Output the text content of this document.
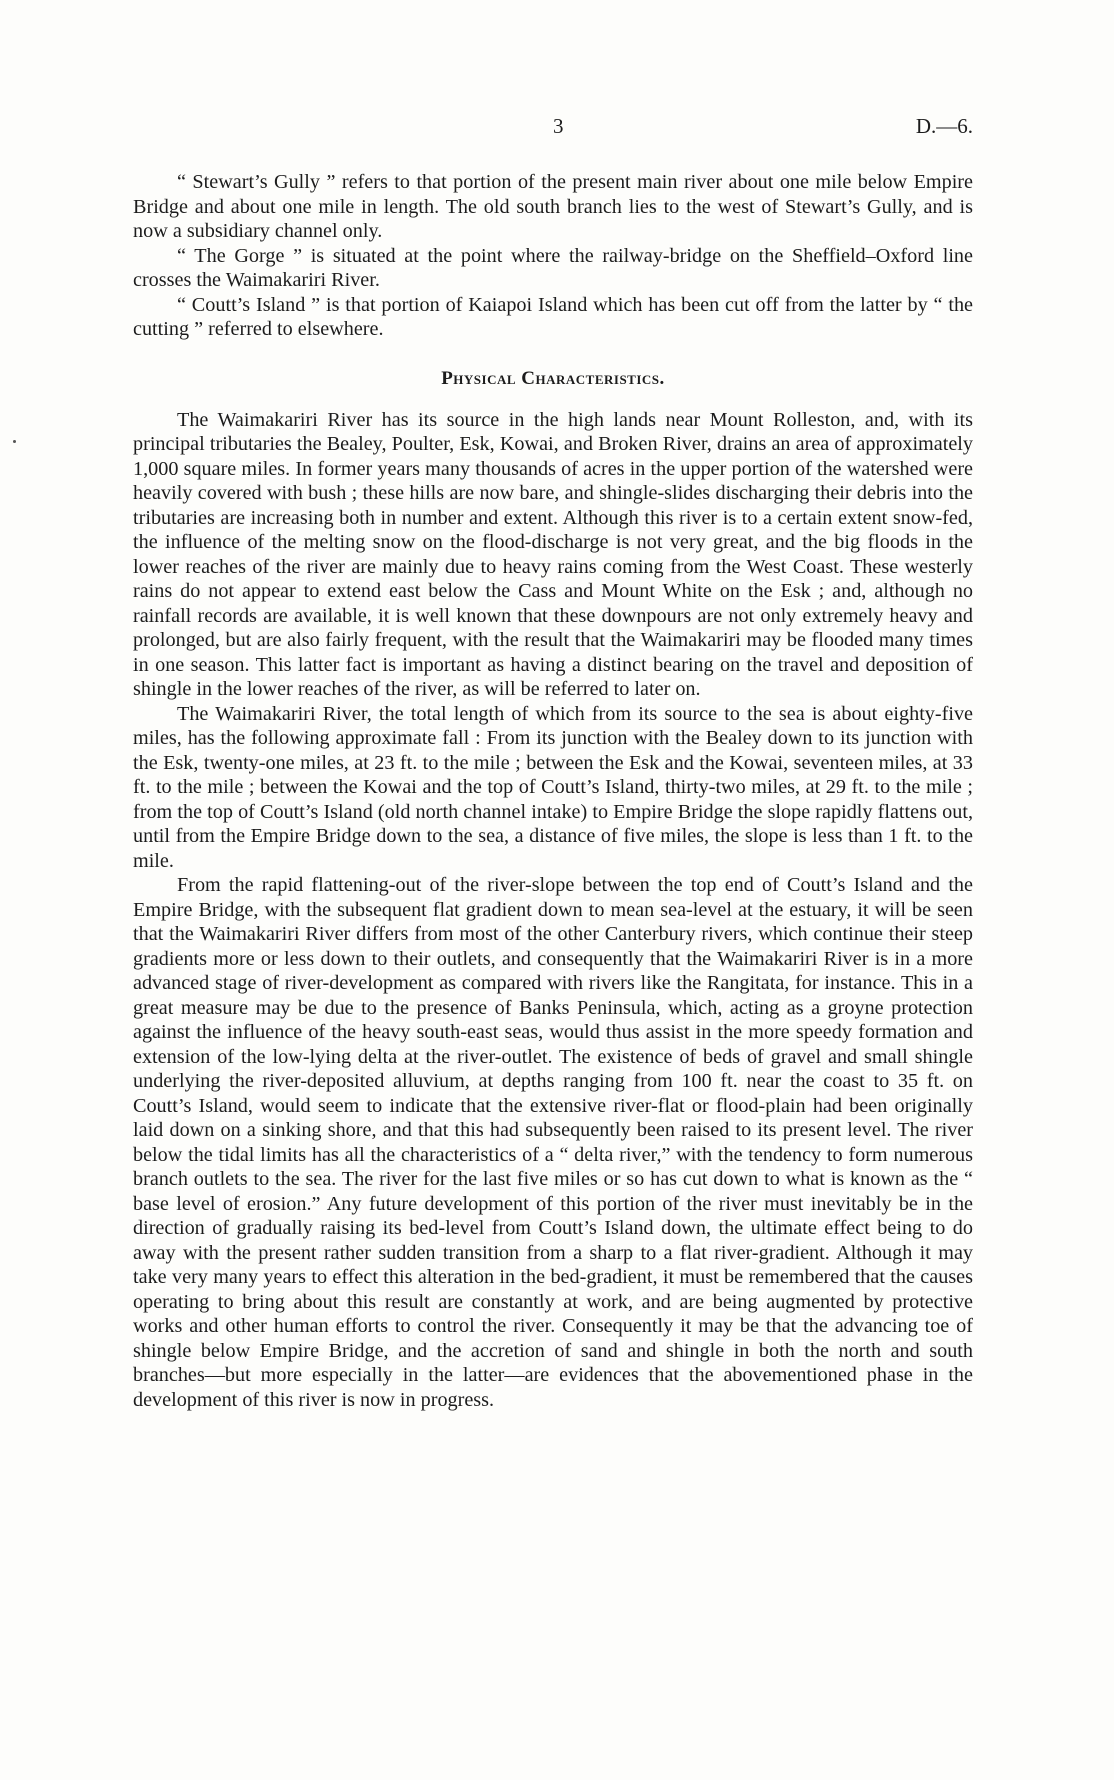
3	D.—6.

“ Stewart’s Gully ” refers to that portion of the present main river about one mile below Empire Bridge and about one mile in length. The old south branch lies to the west of Stewart’s Gully, and is now a subsidiary channel only.

“ The Gorge ” is situated at the point where the railway-bridge on the Sheffield–Oxford line crosses the Waimakariri River.

“ Coutt’s Island ” is that portion of Kaiapoi Island which has been cut off from the latter by “ the cutting ” referred to elsewhere.

Physical Characteristics.

The Waimakariri River has its source in the high lands near Mount Rolleston, and, with its principal tributaries the Bealey, Poulter, Esk, Kowai, and Broken River, drains an area of approximately 1,000 square miles. In former years many thousands of acres in the upper portion of the watershed were heavily covered with bush ; these hills are now bare, and shingle-slides discharging their debris into the tributaries are increasing both in number and extent. Although this river is to a certain extent snow-fed, the influence of the melting snow on the flood-discharge is not very great, and the big floods in the lower reaches of the river are mainly due to heavy rains coming from the West Coast. These westerly rains do not appear to extend east below the Cass and Mount White on the Esk ; and, although no rainfall records are available, it is well known that these downpours are not only extremely heavy and prolonged, but are also fairly frequent, with the result that the Waimakariri may be flooded many times in one season. This latter fact is important as having a distinct bearing on the travel and deposition of shingle in the lower reaches of the river, as will be referred to later on.

The Waimakariri River, the total length of which from its source to the sea is about eighty-five miles, has the following approximate fall : From its junction with the Bealey down to its junction with the Esk, twenty-one miles, at 23 ft. to the mile ; between the Esk and the Kowai, seventeen miles, at 33 ft. to the mile ; between the Kowai and the top of Coutt’s Island, thirty-two miles, at 29 ft. to the mile ; from the top of Coutt’s Island (old north channel intake) to Empire Bridge the slope rapidly flattens out, until from the Empire Bridge down to the sea, a distance of five miles, the slope is less than 1 ft. to the mile.

From the rapid flattening-out of the river-slope between the top end of Coutt’s Island and the Empire Bridge, with the subsequent flat gradient down to mean sea-level at the estuary, it will be seen that the Waimakariri River differs from most of the other Canterbury rivers, which continue their steep gradients more or less down to their outlets, and consequently that the Waimakariri River is in a more advanced stage of river-development as compared with rivers like the Rangitata, for instance. This in a great measure may be due to the presence of Banks Peninsula, which, acting as a groyne protection against the influence of the heavy south-east seas, would thus assist in the more speedy formation and extension of the low-lying delta at the river-outlet. The existence of beds of gravel and small shingle underlying the river-deposited alluvium, at depths ranging from 100 ft. near the coast to 35 ft. on Coutt’s Island, would seem to indicate that the extensive river-flat or flood-plain had been originally laid down on a sinking shore, and that this had subsequently been raised to its present level. The river below the tidal limits has all the characteristics of a “ delta river,” with the tendency to form numerous branch outlets to the sea. The river for the last five miles or so has cut down to what is known as the “ base level of erosion.” Any future development of this portion of the river must inevitably be in the direction of gradually raising its bed-level from Coutt’s Island down, the ultimate effect being to do away with the present rather sudden transition from a sharp to a flat river-gradient. Although it may take very many years to effect this alteration in the bed-gradient, it must be remembered that the causes operating to bring about this result are constantly at work, and are being augmented by protective works and other human efforts to control the river. Consequently it may be that the advancing toe of shingle below Empire Bridge, and the accretion of sand and shingle in both the north and south branches—but more especially in the latter—are evidences that the abovementioned phase in the development of this river is now in progress.
